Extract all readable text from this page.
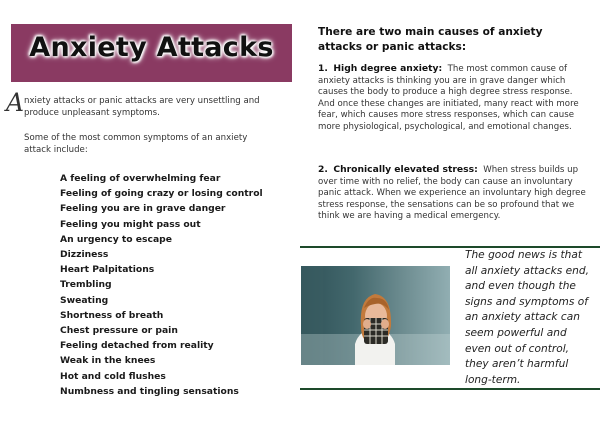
Anxiety Attacks
A nxiety attacks or panic attacks are very unsettling and produce unpleasant symptoms.
Some of the most common symptoms of an anxiety attack include:
A feeling of overwhelming fear
Feeling of going crazy or losing control
Feeling you are in grave danger
Feeling you might pass out
An urgency to escape
Dizziness
Heart Palpitations
Trembling
Sweating
Shortness of breath
Chest pressure or pain
Feeling detached from reality
Weak in the knees
Hot and cold flushes
Numbness and tingling sensations
There are two main causes of anxiety attacks or panic attacks:
1. High degree anxiety: The most common cause of anxiety attacks is thinking you are in grave danger which causes the body to produce a high degree stress response. And once these changes are initiated, many react with more fear, which causes more stress responses, which can cause more physiological, psychological, and emotional changes.
2. Chronically elevated stress: When stress builds up over time with no relief, the body can cause an involuntary panic attack. When we experience an involuntary high degree stress response, the sensations can be so profound that we think we are having a medical emergency.
The good news is that all anxiety attacks end, and even though the signs and symptoms of an anxiety attack can seem powerful and even out of control, they aren’t harmful long-term.
